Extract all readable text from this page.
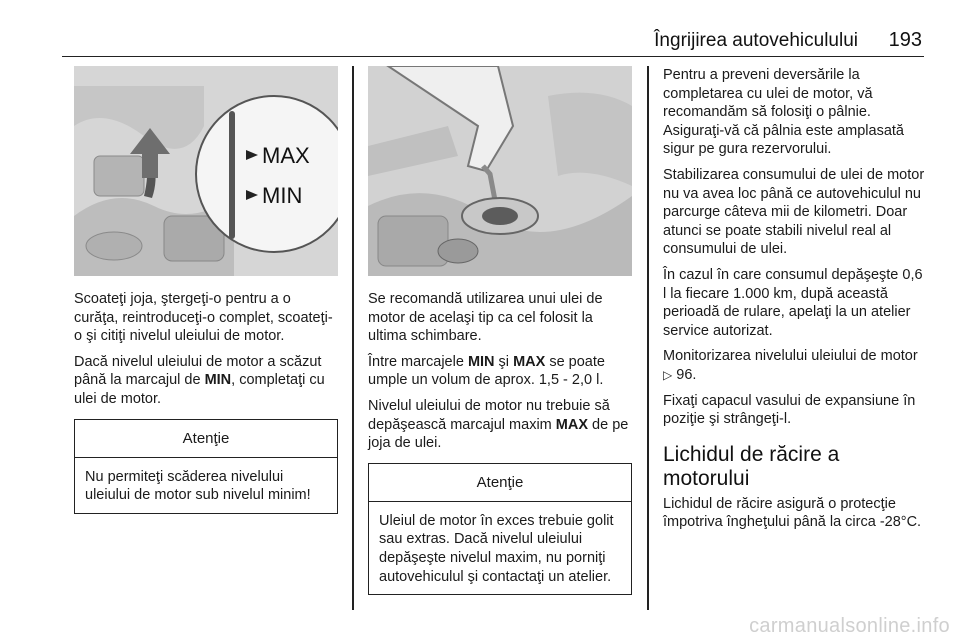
Îngrijirea autovehiculului 193
MAX
MIN

Scoateţi joja, ştergeţi-o pentru a o curăţa, reintroduceţi-o complet, scoateţi-o şi citiţi nivelul uleiului de motor.

Dacă nivelul uleiului de motor a scăzut până la marcajul de MIN, completaţi cu ulei de motor.

Atenţie

Nu permiteţi scăderea nivelului uleiului de motor sub nivelul minim!

Se recomandă utilizarea unui ulei de motor de acelaşi tip ca cel folosit la ultima schimbare.

Între marcajele MIN şi MAX se poate umple un volum de aprox. 1,5 - 2,0 l.

Nivelul uleiului de motor nu trebuie să depăşească marcajul maxim MAX de pe joja de ulei.

Atenţie

Uleiul de motor în exces trebuie golit sau extras. Dacă nivelul uleiului depăşeşte nivelul maxim, nu porniţi autovehiculul şi contactaţi un atelier.

Pentru a preveni deversările la completarea cu ulei de motor, vă recomandăm să folosiţi o pâlnie. Asiguraţi-vă că pâlnia este amplasată sigur pe gura rezervorului.

Stabilizarea consumului de ulei de motor nu va avea loc până ce autovehiculul nu parcurge câteva mii de kilometri. Doar atunci se poate stabili nivelul real al consumului de ulei.

În cazul în care consumul depăşeşte 0,6 l la fiecare 1.000 km, după această perioadă de rulare, apelaţi la un atelier service autorizat.

Monitorizarea nivelului uleiului de motor ▷ 96.

Fixaţi capacul vasului de expansiune în poziţie şi strângeţi-l.

Lichidul de răcire a motorului

Lichidul de răcire asigură o protecţie împotriva îngheţului până la circa -28°C.

carmanualsonline.info
